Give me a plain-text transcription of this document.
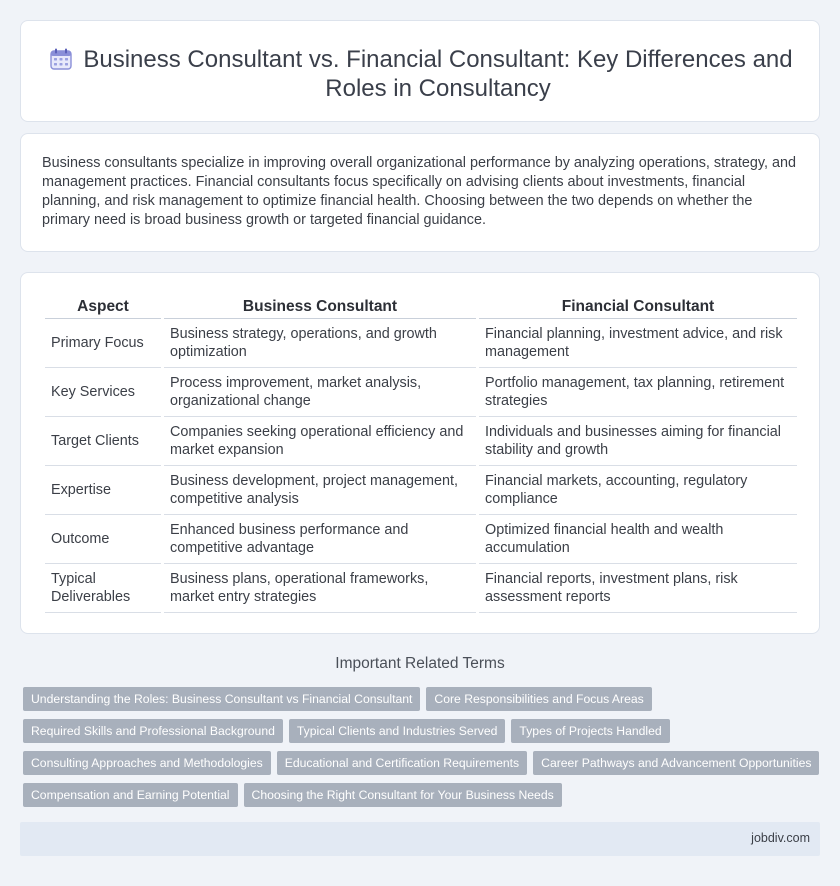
Business Consultant vs. Financial Consultant: Key Differences and Roles in Consultancy

Business consultants specialize in improving overall organizational performance by analyzing operations, strategy, and management practices. Financial consultants focus specifically on advising clients about investments, financial planning, and risk management to optimize financial health. Choosing between the two depends on whether the primary need is broad business growth or targeted financial guidance.

Aspect	Business Consultant	Financial Consultant
Primary Focus	Business strategy, operations, and growth optimization	Financial planning, investment advice, and risk management
Key Services	Process improvement, market analysis, organizational change	Portfolio management, tax planning, retirement strategies
Target Clients	Companies seeking operational efficiency and market expansion	Individuals and businesses aiming for financial stability and growth
Expertise	Business development, project management, competitive analysis	Financial markets, accounting, regulatory compliance
Outcome	Enhanced business performance and competitive advantage	Optimized financial health and wealth accumulation
Typical Deliverables	Business plans, operational frameworks, market entry strategies	Financial reports, investment plans, risk assessment reports
Important Related Terms
Understanding the Roles: Business Consultant vs Financial Consultant	Core Responsibilities and Focus Areas
Required Skills and Professional Background	Typical Clients and Industries Served	Types of Projects Handled
Consulting Approaches and Methodologies	Educational and Certification Requirements	Career Pathways and Advancement Opportunities
Compensation and Earning Potential	Choosing the Right Consultant for Your Business Needs
jobdiv.com
